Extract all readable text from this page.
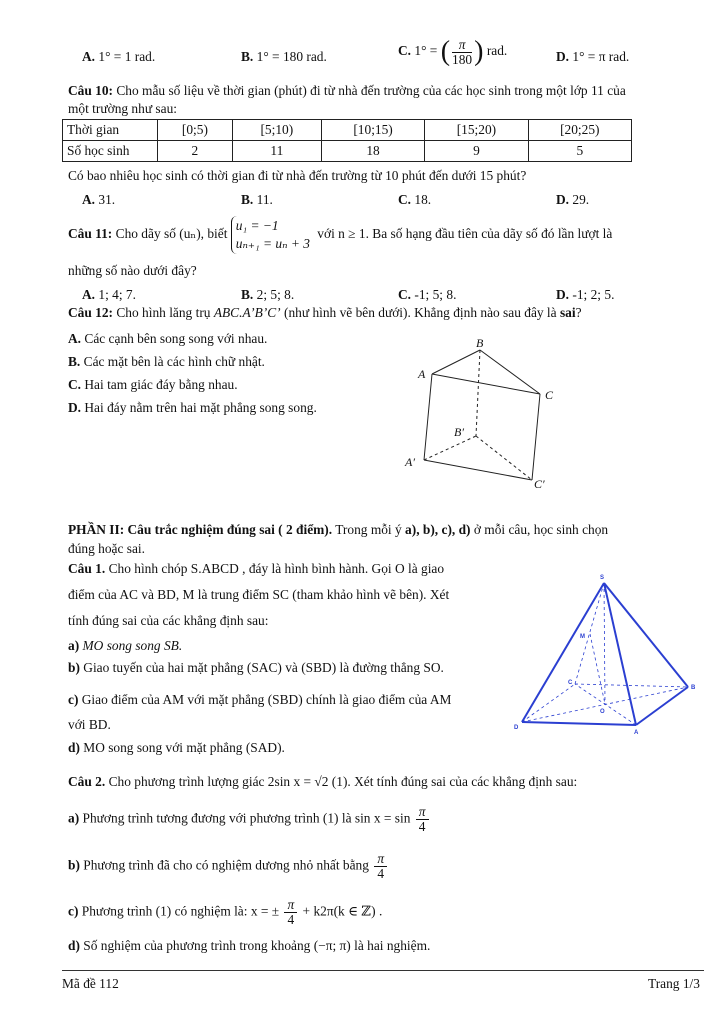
A. 1° = 1 rad.	B. 1° = 180 rad.	C. 1° = ( $\frac{\pi}{180}$ ) rad.	D. 1° = π rad.
Câu 10: Cho mẫu số liệu về thời gian (phút) đi từ nhà đến trường của các học sinh trong một lớp 11 của
một trường như sau:
Thời gian	[0;5)	[5;10)	[10;15)	[15;20)	[20;25)
Số học sinh	2	11	18	9	5
Có bao nhiêu học sinh có thời gian đi từ nhà đến trường từ 10 phút đến dưới 15 phút?
A. 31.	B. 11.	C. 18.	D. 29.
Câu 11: Cho dãy số (uₙ), biết u₁ = −1
uₙ₊₁ = uₙ + 3 với n ≥ 1. Ba số hạng đầu tiên của dãy số đó lần lượt là
những số nào dưới đây?
A. 1; 4; 7.	B. 2; 5; 8.	C. -1; 5; 8.	D. -1; 2; 5.
Câu 12: Cho hình lăng trụ ABC.A’B’C’ (như hình vẽ bên dưới). Khẳng định nào sau đây là sai?
A. Các cạnh bên song song với nhau.
B. Các mặt bên là các hình chữ nhật.
C. Hai tam giác đáy bằng nhau.
D. Hai đáy nằm trên hai mặt phẳng song song.
B
A
C
B′
A′
C′
PHẦN II: Câu trắc nghiệm đúng sai ( 2 điểm). Trong mỗi ý a), b), c), d) ở mỗi câu, học sinh chọn
đúng hoặc sai.
Câu 1. Cho hình chóp S.ABCD , đáy là hình bình hành. Gọi O là giao
điểm của AC và BD, M là trung điểm SC (tham khảo hình vẽ bên). Xét
tính đúng sai của các khẳng định sau:
a) MO song song SB.
b) Giao tuyến của hai mặt phẳng (SAC) và (SBD) là đường thẳng SO.
c) Giao điểm của AM với mặt phẳng (SBD) chính là giao điểm của AM
với BD.
d) MO song song với mặt phẳng (SAD).
S
M
C
B
O
D
A
Câu 2. Cho phương trình lượng giác 2sin x = √2 (1). Xét tính đúng sai của các khẳng định sau:
a) Phương trình tương đương với phương trình (1) là $\sin x = \sin \frac{\pi}{4}$
b) Phương trình đã cho có nghiệm dương nhỏ nhất bằng $\frac{\pi}{4}$
c) Phương trình (1) có nghiệm là: x = ± $\frac{\pi}{4} + k2\pi(k$ ∈ ℤ) .
d) Số nghiệm của phương trình trong khoảng (−π; π) là hai nghiệm.
Mã đề 112	Trang 1/3
